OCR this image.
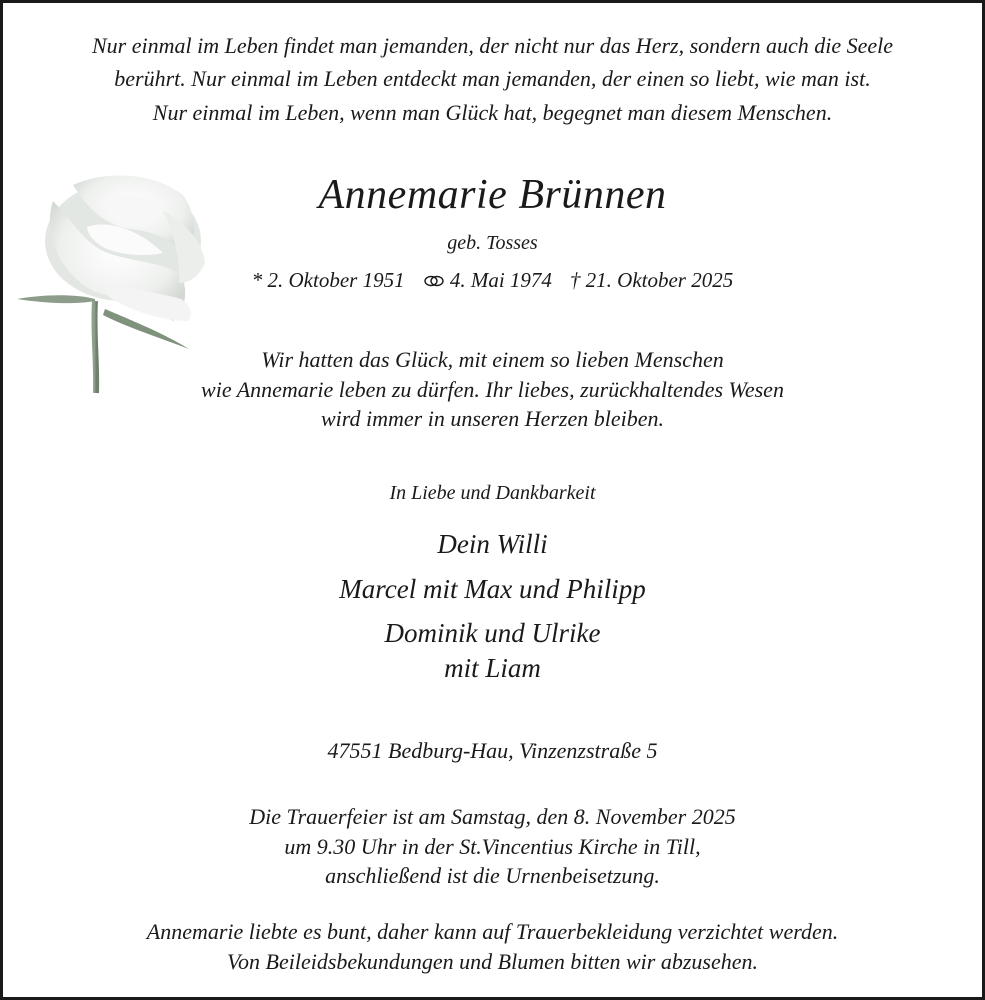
Nur einmal im Leben findet man jemanden, der nicht nur das Herz, sondern auch die Seele
berührt. Nur einmal im Leben entdeckt man jemanden, der einen so liebt, wie man ist.
Nur einmal im Leben, wenn man Glück hat, begegnet man diesem Menschen.
Annemarie Brünnen
geb. Tosses
* 2. Oktober 1951 4. Mai 1974 † 21. Oktober 2025
Wir hatten das Glück, mit einem so lieben Menschen
wie Annemarie leben zu dürfen. Ihr liebes, zurückhaltendes Wesen
wird immer in unseren Herzen bleiben.
In Liebe und Dankbarkeit
Dein Willi
Marcel mit Max und Philipp
Dominik und Ulrike
mit Liam
47551 Bedburg-Hau, Vinzenzstraße 5
Die Trauerfeier ist am Samstag, den 8. November 2025
um 9.30 Uhr in der St.Vincentius Kirche in Till,
anschließend ist die Urnenbeisetzung.
Annemarie liebte es bunt, daher kann auf Trauerbekleidung verzichtet werden.
Von Beileidsbekundungen und Blumen bitten wir abzusehen.
